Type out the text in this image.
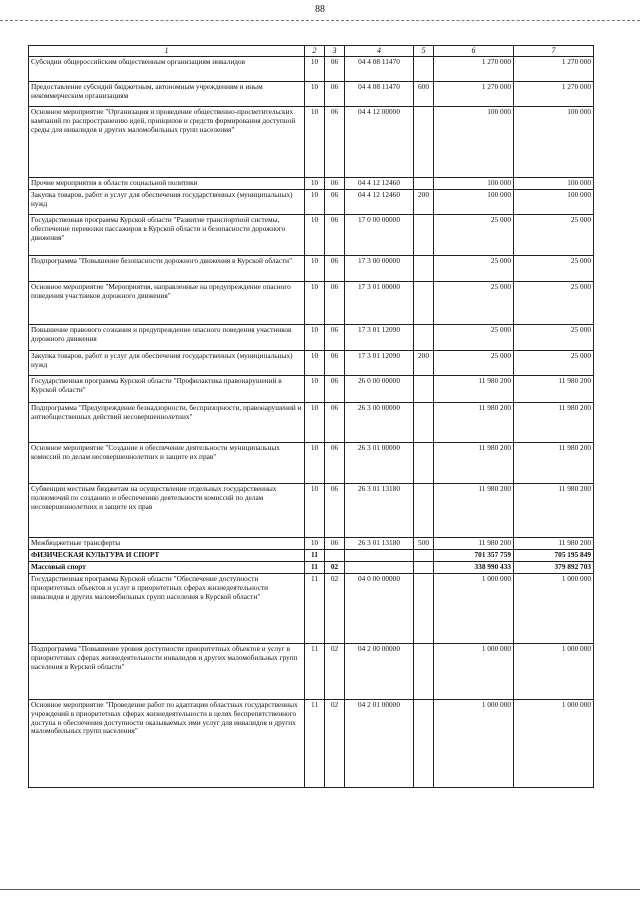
88
1	2	3	4	5	6	7
Субсидии общероссийским общественным организациям инвалидов	10	06	04 4 08 11470		1 270 000	1 270 000
Предоставление субсидий бюджетным, автономным учреждениям и иным некоммерческим организациям	10	06	04 4 08 11470	600	1 270 000	1 270 000
Основное мероприятие "Организация и проведение общественно-просветительских кампаний по распространению идей, принципов и средств формирования доступной среды для инвалидов и других маломобильных групп населения"	10	06	04 4 12 00000		100 000	100 000
Прочие мероприятия в области социальной политики	10	06	04 4 12 12460		100 000	100 000
Закупка товаров, работ и услуг для обеспечения государственных (муниципальных) нужд	10	06	04 4 12 12460	200	100 000	100 000
Государственная программа Курской области "Развитие транспортной системы, обеспечение перевозки пассажиров в Курской области и безопасности дорожного движения"	10	06	17 0 00 00000		25 000	25 000
Подпрограмма "Повышение безопасности дорожного движения в Курской области"	10	06	17 3 00 00000		25 000	25 000
Основное мероприятие "Мероприятия, направленные на предупреждение опасного поведения участников дорожного движения"	10	06	17 3 01 00000		25 000	25 000
Повышение правового сознания и предупреждение опасного поведения участников дорожного движения	10	06	17 3 01 12090		25 000	25 000
Закупка товаров, работ и услуг для обеспечения государственных (муниципальных) нужд	10	06	17 3 01 12090	200	25 000	25 000
Государственная программа Курской области "Профилактика правонарушений в Курской области"	10	06	26 0 00 00000		11 980 200	11 980 200
Подпрограмма "Предупреждение безнадзорности, беспризорности, правонарушений и антиобщественных действий несовершеннолетних"	10	06	26 3 00 00000		11 980 200	11 980 200
Основное мероприятие "Создание и обеспечение деятельности муниципальных комиссий по делам несовершеннолетних и защите их прав"	10	06	26 3 01 00000		11 980 200	11 980 200
Субвенции местным бюджетам на осуществление отдельных государственных полномочий по созданию и обеспечению деятельности комиссий по делам несовершеннолетних и защите их прав	10	06	26 3 01 13180		11 980 200	11 980 200
Межбюджетные трансферты	10	06	26 3 01 13180	500	11 980 200	11 980 200
ФИЗИЧЕСКАЯ КУЛЬТУРА И СПОРТ	11				701 357 759	705 195 849
Массовый спорт	11	02			338 990 433	379 892 703
Государственная программа Курской области "Обеспечение доступности приоритетных объектов и услуг в приоритетных сферах жизнедеятельности инвалидов и других маломобильных групп населения в Курской области"	11	02	04 0 00 00000		1 000 000	1 000 000
Подпрограмма "Повышение уровня доступности приоритетных объектов и услуг в приоритетных сферах жизнедеятельности инвалидов и других маломобильных групп населения в Курской области"	11	02	04 2 00 00000		1 000 000	1 000 000
Основное мероприятие "Проведение работ по адаптации областных государственных учреждений в приоритетных сферах жизнедеятельности в целях беспрепятственного доступа и обеспечения доступности оказываемых ими услуг для инвалидов и других маломобильных групп населения"	11	02	04 2 01 00000		1 000 000	1 000 000
